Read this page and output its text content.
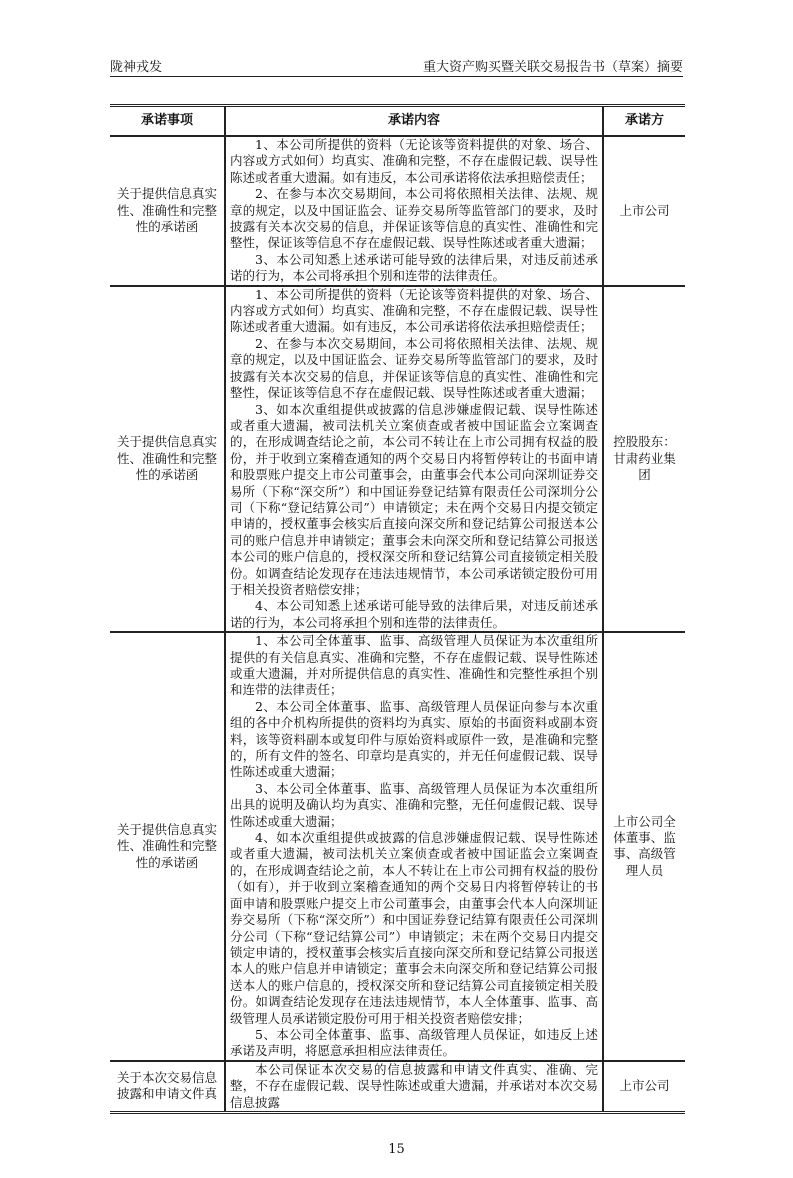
陇神戎发	重大资产购买暨关联交易报告书（草案）摘要
承诺事项	承诺内容	承诺方
关于提供信息真实性、准确性和完整性的承诺函	1、本公司所提供的资料（无论该等资料提供的对象、场合、内容或方式如何）均真实、准确和完整，不存在虚假记载、误导性陈述或者重大遗漏。如有违反，本公司承诺将依法承担赔偿责任；

2、在参与本次交易期间，本公司将依照相关法律、法规、规章的规定，以及中国证监会、证券交易所等监管部门的要求，及时披露有关本次交易的信息，并保证该等信息的真实性、准确性和完整性，保证该等信息不存在虚假记载、误导性陈述或者重大遗漏；

3、本公司知悉上述承诺可能导致的法律后果，对违反前述承诺的行为，本公司将承担个别和连带的法律责任。	上市公司
关于提供信息真实性、准确性和完整性的承诺函	1、本公司所提供的资料（无论该等资料提供的对象、场合、内容或方式如何）均真实、准确和完整，不存在虚假记载、误导性陈述或者重大遗漏。如有违反，本公司承诺将依法承担赔偿责任；

2、在参与本次交易期间，本公司将依照相关法律、法规、规章的规定，以及中国证监会、证券交易所等监管部门的要求，及时披露有关本次交易的信息，并保证该等信息的真实性、准确性和完整性，保证该等信息不存在虚假记载、误导性陈述或者重大遗漏；

3、如本次重组提供或披露的信息涉嫌虚假记载、误导性陈述或者重大遗漏，被司法机关立案侦查或者被中国证监会立案调查的，在形成调查结论之前，本公司不转让在上市公司拥有权益的股份，并于收到立案稽查通知的两个交易日内将暂停转让的书面申请和股票账户提交上市公司董事会，由董事会代本公司向深圳证券交易所（下称“深交所”）和中国证券登记结算有限责任公司深圳分公司（下称“登记结算公司”）申请锁定；未在两个交易日内提交锁定申请的，授权董事会核实后直接向深交所和登记结算公司报送本公司的账户信息并申请锁定；董事会未向深交所和登记结算公司报送本公司的账户信息的，授权深交所和登记结算公司直接锁定相关股份。如调查结论发现存在违法违规情节，本公司承诺锁定股份可用于相关投资者赔偿安排；

4、本公司知悉上述承诺可能导致的法律后果，对违反前述承诺的行为，本公司将承担个别和连带的法律责任。	控股股东：甘肃药业集团
关于提供信息真实性、准确性和完整性的承诺函	1、本公司全体董事、监事、高级管理人员保证为本次重组所提供的有关信息真实、准确和完整，不存在虚假记载、误导性陈述或重大遗漏，并对所提供信息的真实性、准确性和完整性承担个别和连带的法律责任；

2、本公司全体董事、监事、高级管理人员保证向参与本次重组的各中介机构所提供的资料均为真实、原始的书面资料或副本资料，该等资料副本或复印件与原始资料或原件一致，是准确和完整的，所有文件的签名、印章均是真实的，并无任何虚假记载、误导性陈述或重大遗漏；

3、本公司全体董事、监事、高级管理人员保证为本次重组所出具的说明及确认均为真实、准确和完整，无任何虚假记载、误导性陈述或重大遗漏；

4、如本次重组提供或披露的信息涉嫌虚假记载、误导性陈述或者重大遗漏，被司法机关立案侦查或者被中国证监会立案调查的，在形成调查结论之前，本人不转让在上市公司拥有权益的股份（如有），并于收到立案稽查通知的两个交易日内将暂停转让的书面申请和股票账户提交上市公司董事会，由董事会代本人向深圳证券交易所（下称“深交所”）和中国证券登记结算有限责任公司深圳分公司（下称“登记结算公司”）申请锁定；未在两个交易日内提交锁定申请的，授权董事会核实后直接向深交所和登记结算公司报送本人的账户信息并申请锁定；董事会未向深交所和登记结算公司报送本人的账户信息的，授权深交所和登记结算公司直接锁定相关股份。如调查结论发现存在违法违规情节，本人全体董事、监事、高级管理人员承诺锁定股份可用于相关投资者赔偿安排；

5、本公司全体董事、监事、高级管理人员保证，如违反上述承诺及声明，将愿意承担相应法律责任。	上市公司全体董事、监事、高级管理人员
关于本次交易信息披露和申请文件真	本公司保证本次交易的信息披露和申请文件真实、准确、完整，不存在虚假记载、误导性陈述或重大遗漏，并承诺对本次交易信息披露	上市公司
15
